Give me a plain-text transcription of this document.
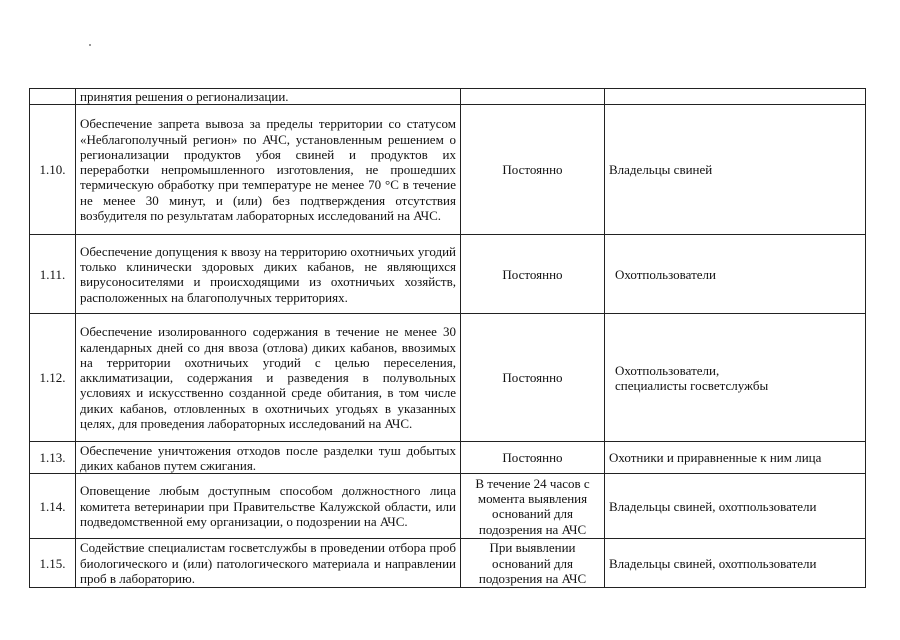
	принятия решения о регионализации.		
1.10.	Обеспечение запрета вывоза за пределы территории со статусом «Неблагополучный регион» по АЧС, установленным решением о регионализации продуктов убоя свиней и продуктов их переработки непромышленного изготовления, не прошедших термическую обработку при температуре не менее 70 °С в течение не менее 30 минут, и (или) без подтверждения отсутствия возбудителя по результатам лабораторных исследований на АЧС.	Постоянно	Владельцы свиней

1.11.	Обеспечение допущения к ввозу на территорию охотничьих угодий только клинически здоровых диких кабанов, не являющихся вирусоносителями и происходящими из охотничьих хозяйств, расположенных на благополучных территориях.	Постоянно	Охотпользователи

1.12.	Обеспечение изолированного содержания в течение не менее 30 календарных дней со дня ввоза (отлова) диких кабанов, ввозимых на территории охотничьих угодий с целью переселения, акклиматизации, содержания и разведения в полувольных условиях и искусственно созданной среде обитания, в том числе диких кабанов, отловленных в охотничьих угодьях в указанных целях, для проведения лабораторных исследований на АЧС.	Постоянно	Охотпользователи,
специалисты госветслужбы

1.13.	Обеспечение уничтожения отходов после разделки туш добытых диких кабанов путем сжигания.	Постоянно	Охотники и приравненные к ним лица

1.14.	Оповещение любым доступным способом должностного лица комитета ветеринарии при Правительстве Калужской области, или подведомственной ему организации, о подозрении на АЧС.	В течение 24 часов с
момента выявления
оснований для
подозрения на АЧС	Владельцы свиней, охотпользователи

1.15.	Содействие специалистам госветслужбы в проведении отбора проб биологического и (или) патологического материала и направлении проб в лабораторию.	При выявлении
оснований для
подозрения на АЧС	Владельцы свиней, охотпользователи
